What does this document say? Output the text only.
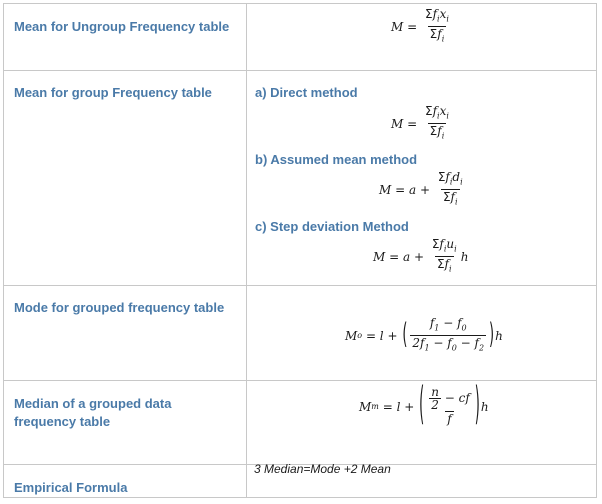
Mean for Ungroup Frequency table	$M = \frac{\Sigma f_ix_i}{\Sigma f_i}$
Mean for group Frequency table	a) Direct method
$M = \frac{\Sigma f_ix_i}{\Sigma f_i}$
b) Assumed mean method
$M = a + \frac{\Sigma f_id_i}{\Sigma f_i}$
c) Step deviation Method
$M = a + \frac{\Sigma f_iu_i}{\Sigma f_i}$ h
Mode for grouped frequency table
M o = l + ( $\frac{f_1 - f_0}{2f_1 - f_0 - f_2}$ ) h
Median of a grouped data
frequency table
M m = l + ( $\frac{\frac{n}{2} - cf}{f}$ ) h
Empirical Formula
3 Median=Mode +2 Mean
